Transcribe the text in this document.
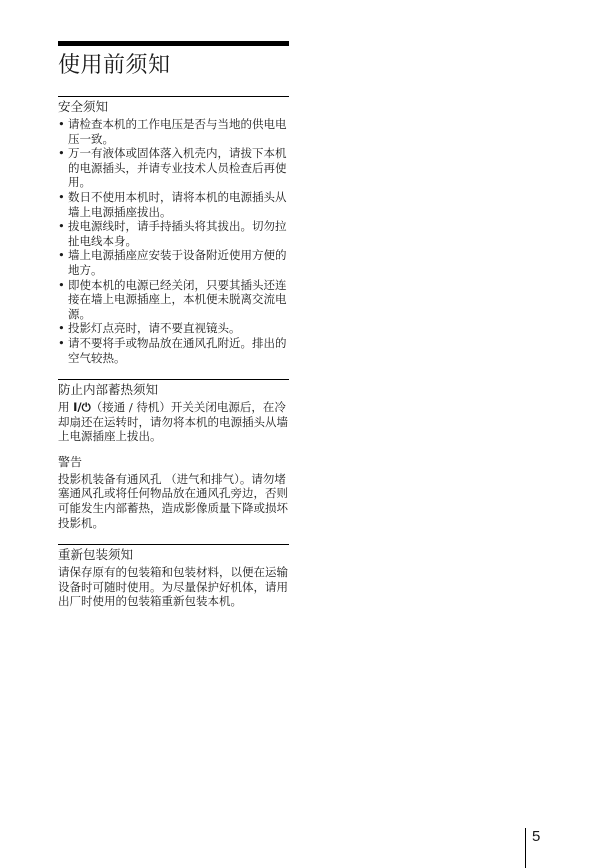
使用前须知
安全须知
• 请检查本机的工作电压是否与当地的供电电压一致。
• 万一有液体或固体落入机壳内，请拔下本机的电源插头，并请专业技术人员检查后再使用。
• 数日不使用本机时，请将本机的电源插头从墙上电源插座拔出。
• 拔电源线时，请手持插头将其拔出。切勿拉扯电线本身。
• 墙上电源插座应安装于设备附近使用方便的地方。
• 即使本机的电源已经关闭，只要其插头还连接在墙上电源插座上，本机便未脱离交流电源。
• 投影灯点亮时，请不要直视镜头。
• 请不要将手或物品放在通风孔附近。排出的空气较热。
防止内部蓄热须知

用 I/⏻（接通 / 待机）开关关闭电源后，在冷却扇还在运转时，请勿将本机的电源插头从墙上电源插座上拔出。

警告

投影机装备有通风孔 （进气和排气）。请勿堵塞通风孔或将任何物品放在通风孔旁边，否则可能发生内部蓄热，造成影像质量下降或损坏投影机。

重新包装须知

请保存原有的包装箱和包装材料，以便在运输设备时可随时使用。为尽量保护好机体，请用出厂时使用的包装箱重新包装本机。

5
